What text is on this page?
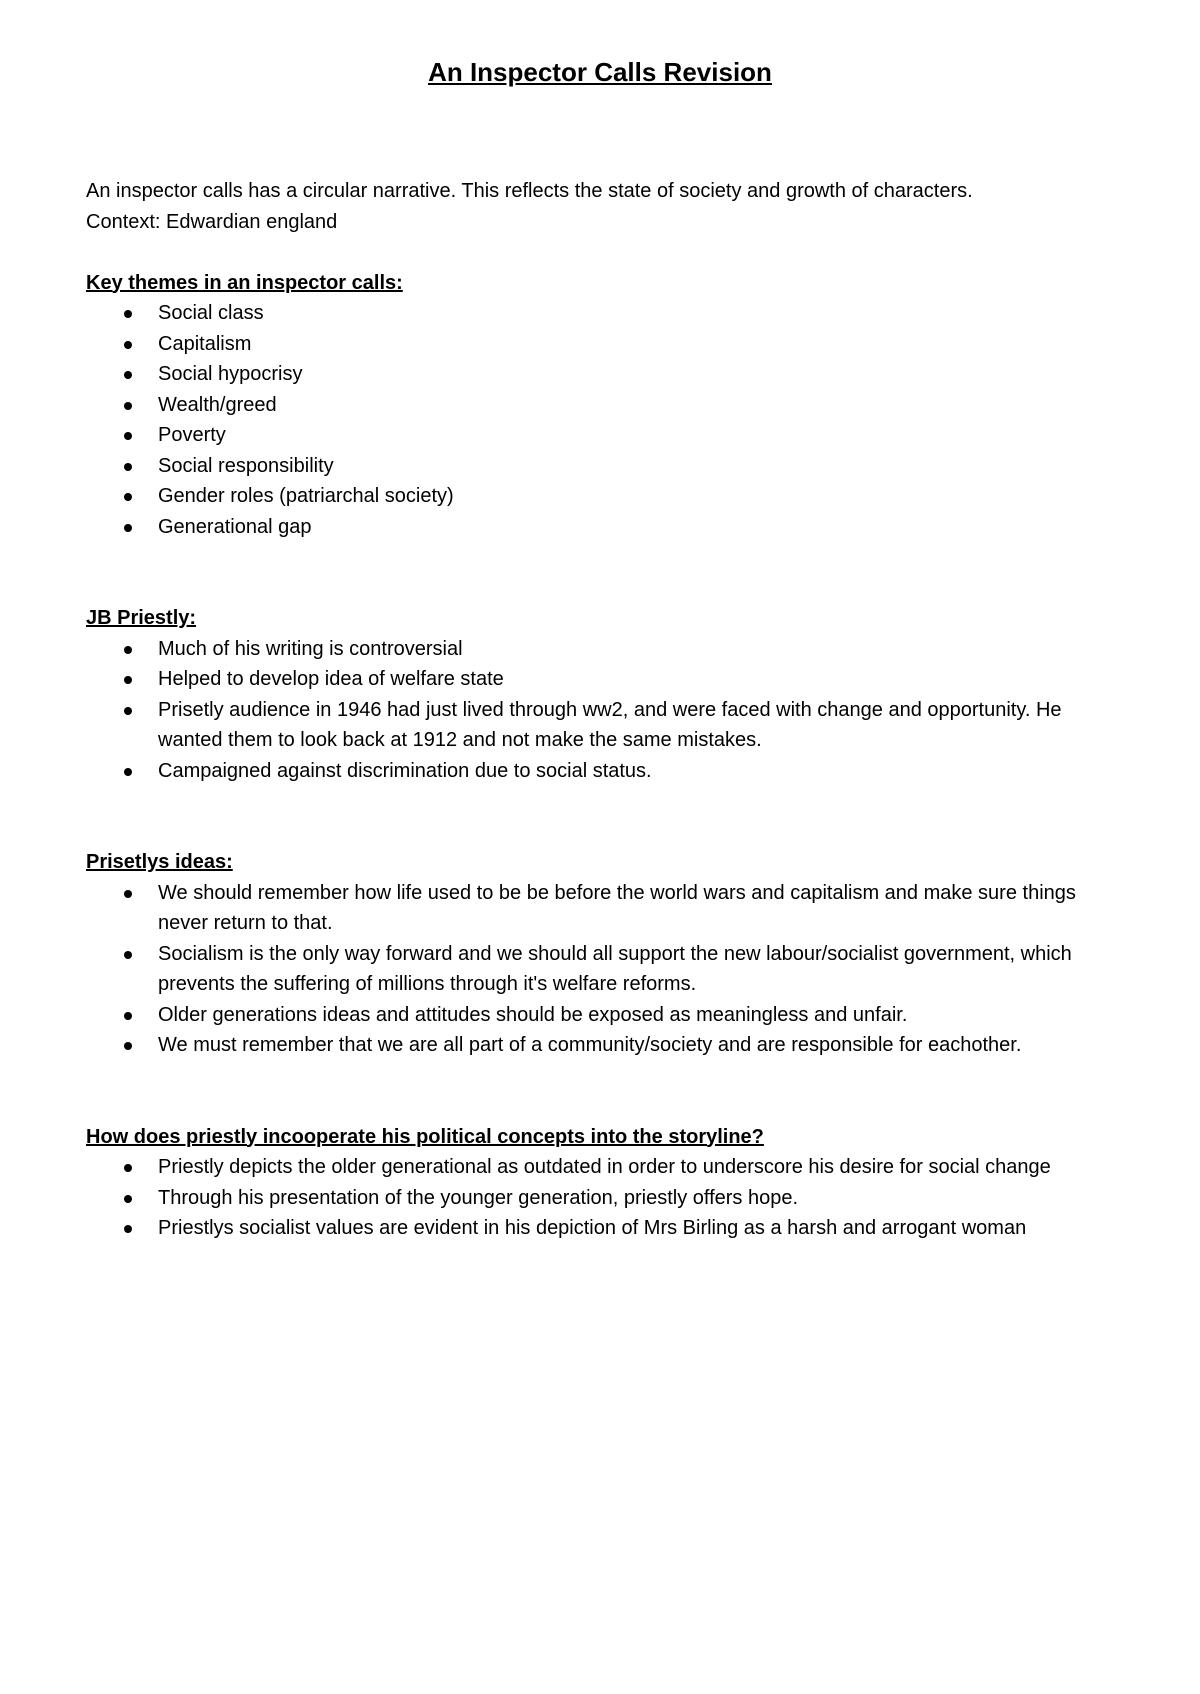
An Inspector Calls Revision

An inspector calls has a circular narrative. This reflects the state of society and growth of characters.

Context: Edwardian england

Key themes in an inspector calls:

Social class
Capitalism
Social hypocrisy
Wealth/greed
Poverty
Social responsibility
Gender roles (patriarchal society)
Generational gap

JB Priestly:

Much of his writing is controversial
Helped to develop idea of welfare state
Prisetly audience in 1946 had just lived through ww2, and were faced with change and opportunity. He wanted them to look back at 1912 and not make the same mistakes.
Campaigned against discrimination due to social status.

Prisetlys ideas:

We should remember how life used to be be before the world wars and capitalism and make sure things never return to that.
Socialism is the only way forward and we should all support the new labour/socialist government, which prevents the suffering of millions through it's welfare reforms.
Older generations ideas and attitudes should be exposed as meaningless and unfair.
We must remember that we are all part of a community/society and are responsible for eachother.

How does priestly incooperate his political concepts into the storyline?

Priestly depicts the older generational as outdated in order to underscore his desire for social change
Through his presentation of the younger generation, priestly offers hope.
Priestlys socialist values are evident in his depiction of Mrs Birling as a harsh and arrogant woman
